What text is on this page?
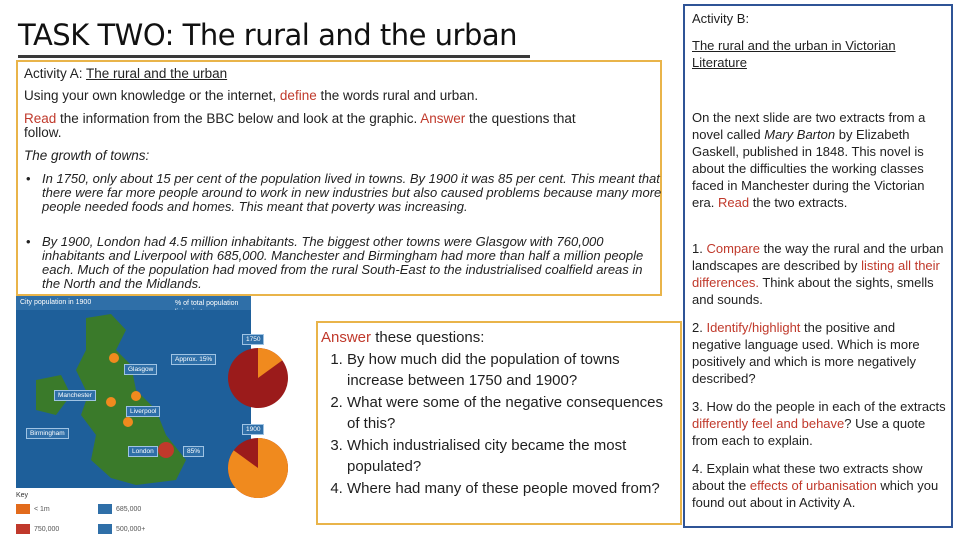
TASK TWO: The rural and the urban
Activity A: The rural and the urban
Using your own knowledge or the internet, define the words rural and urban.
Read the information from the BBC below and look at the graphic. Answer the questions that
follow.
The growth of towns:
• In 1750, only about 15 per cent of the population lived in towns. By 1900 it was 85 per cent. This meant that there were far more people around to work in new industries but also caused problems because many more people needed foods and homes. This meant that poverty was increasing.
• By 1900, London had 4.5 million inhabitants. The biggest other towns were Glasgow with 760,000 inhabitants and Liverpool with 685,000. Manchester and Birmingham had more than half a million people each. Much of the population had moved from the rural South-East to the industrialised coalfield areas in the North and the Midlands.
City population in 1900	% of total population
Glasgow
Manchester
Liverpool
Birmingham
London
Approx. 15%
85%
1750
1900
Key
< 1m
750,000
685,000
500,000+
Answer these questions:
1. By how much did the population of towns increase between 1750 and 1900?
2. What were some of the negative consequences of this?
3. Which industrialised city became the most populated?
4. Where had many of these people moved from?
Activity B:
The rural and the urban in Victorian Literature
On the next slide are two extracts from a novel called Mary Barton by Elizabeth Gaskell, published in 1848. This novel is about the difficulties the working classes faced in Manchester during the Victorian era. Read the two extracts.
1. Compare the way the rural and the urban landscapes are described by listing all their differences. Think about the sights, smells and sounds.
2. Identify/highlight the positive and negative language used. Which is more positively and which is more negatively described?
3. How do the people in each of the extracts differently feel and behave? Use a quote from each to explain.
4. Explain what these two extracts show about the effects of urbanisation which you found out about in Activity A.
